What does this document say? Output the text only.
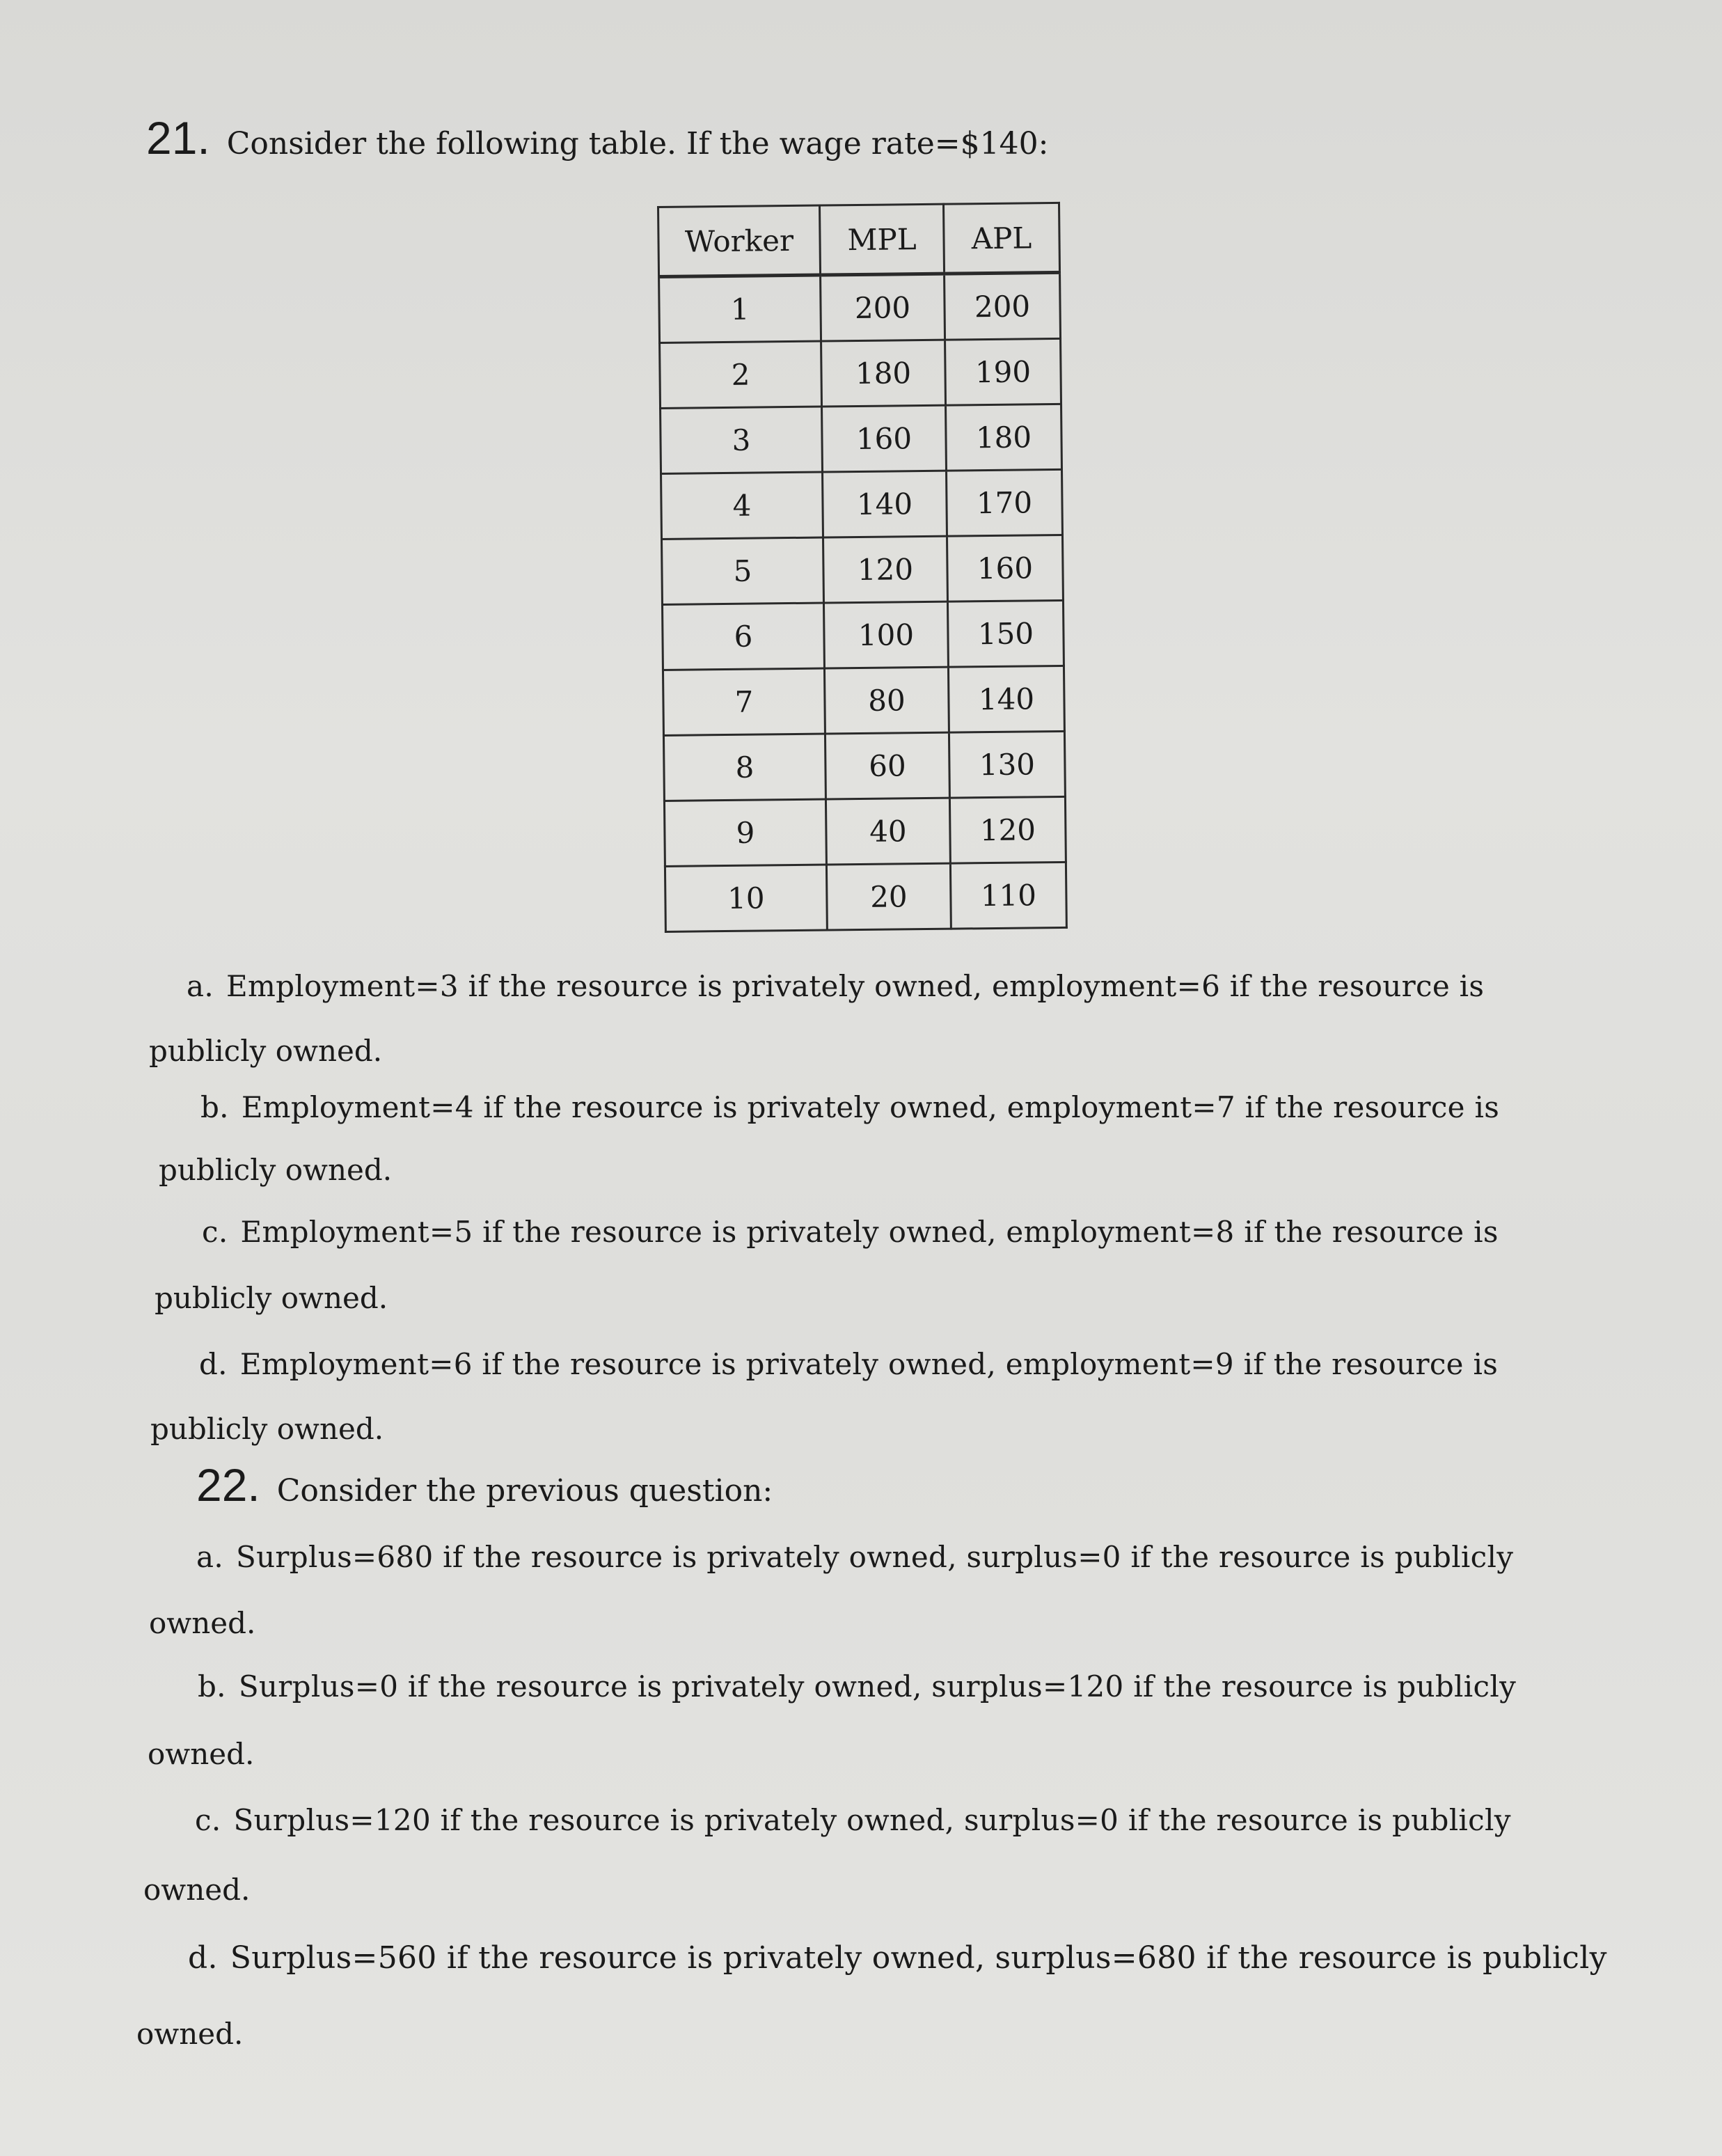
21. Consider the following table. If the wage rate=$140:
Worker	MPL	APL
1	200	200
2	180	190
3	160	180
4	140	170
5	120	160
6	100	150
7	80	140
8	60	130
9	40	120
10	20	110
a. Employment=3 if the resource is privately owned, employment=6 if the resource is
publicly owned.
b. Employment=4 if the resource is privately owned, employment=7 if the resource is
publicly owned.
c. Employment=5 if the resource is privately owned, employment=8 if the resource is
publicly owned.
d. Employment=6 if the resource is privately owned, employment=9 if the resource is
publicly owned.
22. Consider the previous question:
a. Surplus=680 if the resource is privately owned, surplus=0 if the resource is publicly
owned.
b. Surplus=0 if the resource is privately owned, surplus=120 if the resource is publicly
owned.
c. Surplus=120 if the resource is privately owned, surplus=0 if the resource is publicly
owned.
d. Surplus=560 if the resource is privately owned, surplus=680 if the resource is publicly
owned.
